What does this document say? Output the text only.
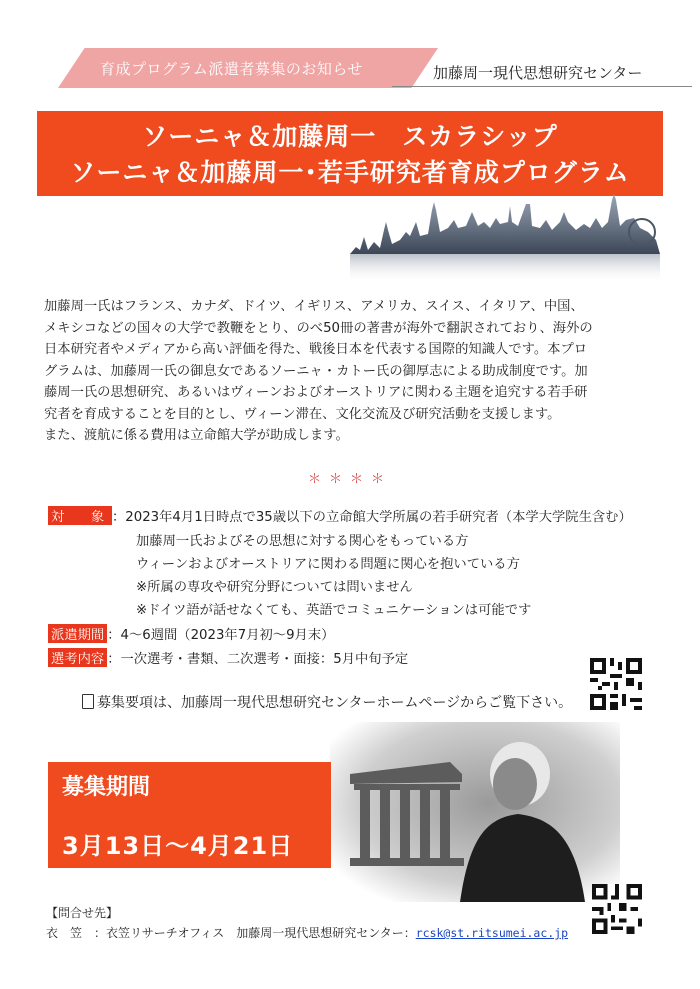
育成プログラム派遣者募集のお知らせ	加藤周一現代思想研究センター
ソーニャ＆加藤周一　スカラシップ
ソーニャ＆加藤周一･若手研究者育成プログラム
加藤周一氏はフランス、カナダ、ドイツ、イギリス、アメリカ、スイス、イタリア、中国、
メキシコなどの国々の大学で教鞭をとり、のべ50冊の著書が海外で翻訳されており、海外の
日本研究者やメディアから高い評価を得た、戦後日本を代表する国際的知識人です。本プロ
グラムは、加藤周一氏の御息女であるソーニャ・カトー氏の御厚志による助成制度です。加
藤周一氏の思想研究、あるいはヴィーンおよびオーストリアに関わる主題を追究する若手研
究者を育成することを目的とし、ヴィーン滞在、文化交流及び研究活動を支援します。
また、渡航に係る費用は立命館大学が助成します。
＊＊＊＊
対　　象 ：2023年4月1日時点で35歳以下の立命館大学所属の若手研究者（本学大学院生含む）
加藤周一氏およびその思想に対する関心をもっている方
ウィーンおよびオーストリアに関わる問題に関心を抱いている方
※所属の専攻や研究分野については問いません
※ドイツ語が話せなくても、英語でコミュニケーションは可能です
派遣期間 ：4～6週間（2023年7月初～9月末）
選考内容 ：一次選考・書類、二次選考・面接：5月中旬予定
募集要項は、加藤周一現代思想研究センターホームページからご覧下さい。
募集期間
3月13日～4月21日
【問合せ先】
衣　笠　：衣笠リサーチオフィス　加藤周一現代思想研究センター：rcsk@st.ritsumei.ac.jp
